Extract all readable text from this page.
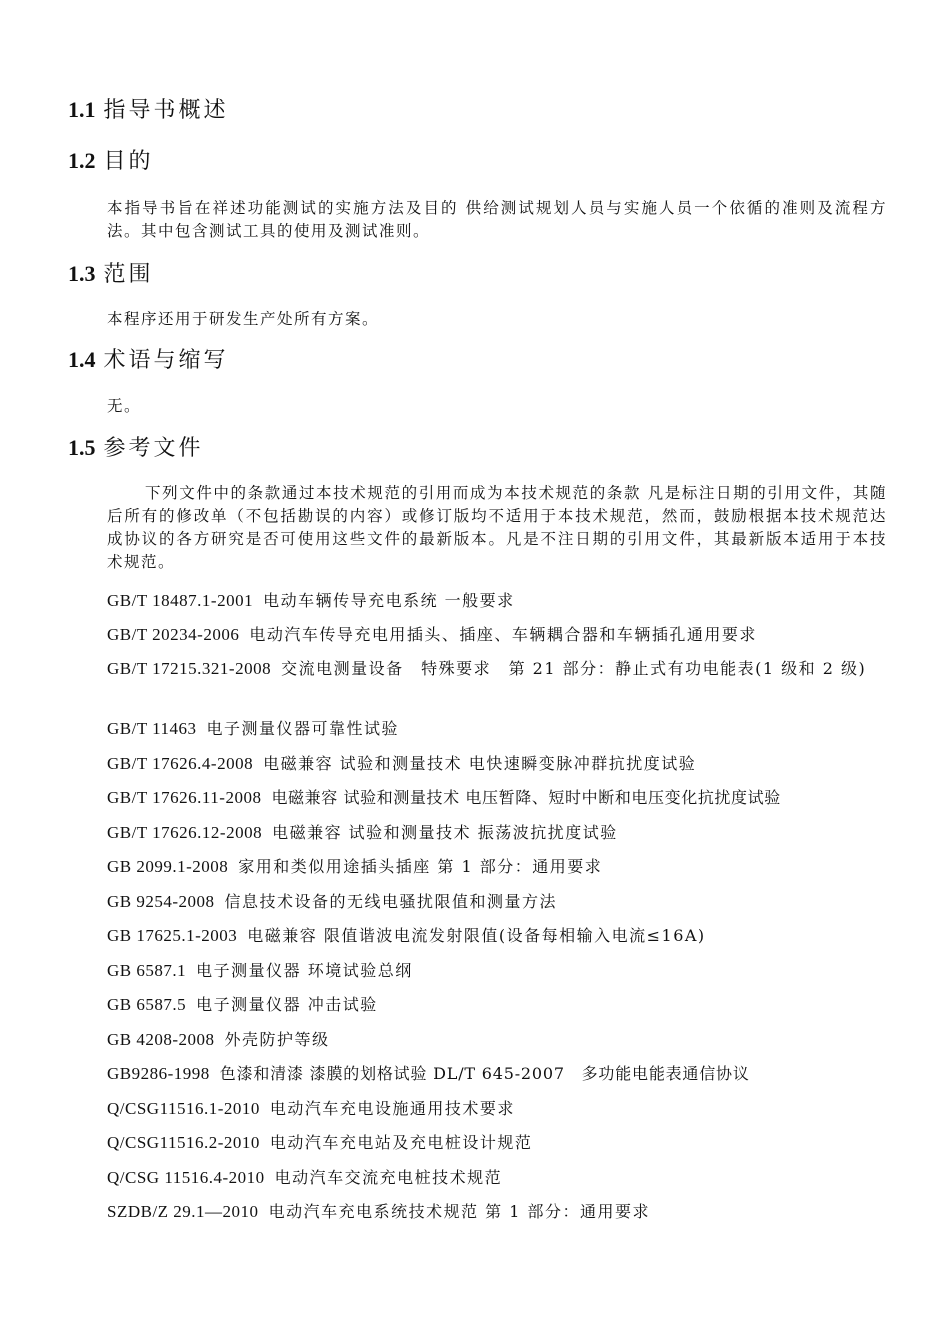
1.1 指导书概述
1.2 目的
本指导书旨在祥述功能测试的实施方法及目的 供给测试规划人员与实施人员一个依循的准则及流程方法。其中包含测试工具的使用及测试准则。
1.3 范围
本程序还用于研发生产处所有方案。
1.4 术语与缩写
无。
1.5 参考文件
下列文件中的条款通过本技术规范的引用而成为本技术规范的条款 凡是标注日期的引用文件，其随后所有的修改单（不包括勘误的内容）或修订版均不适用于本技术规范，然而，鼓励根据本技术规范达成协议的各方研究是否可使用这些文件的最新版本。凡是不注日期的引用文件，其最新版本适用于本技术规范。
GB/T 18487.1-2001 电动车辆传导充电系统 一般要求
GB/T 20234-2006 电动汽车传导充电用插头、插座、车辆耦合器和车辆插孔通用要求
GB/T 17215.321-2008 交流电测量设备　特殊要求　第 21 部分：静止式有功电能表(1 级和 2 级)
GB/T 11463 电子测量仪器可靠性试验
GB/T 17626.4-2008 电磁兼容 试验和测量技术 电快速瞬变脉冲群抗扰度试验
GB/T 17626.11-2008 电磁兼容 试验和测量技术 电压暂降、短时中断和电压变化抗扰度试验
GB/T 17626.12-2008 电磁兼容 试验和测量技术 振荡波抗扰度试验
GB 2099.1-2008 家用和类似用途插头插座 第 1 部分：通用要求
GB 9254-2008 信息技术设备的无线电骚扰限值和测量方法
GB 17625.1-2003 电磁兼容 限值谐波电流发射限值(设备每相输入电流≤16A)
GB 6587.1 电子测量仪器 环境试验总纲
GB 6587.5 电子测量仪器 冲击试验
GB 4208-2008 外壳防护等级
GB9286-1998 色漆和清漆 漆膜的划格试验 DL/T 645-2007　多功能电能表通信协议
Q/CSG11516.1-2010 电动汽车充电设施通用技术要求
Q/CSG11516.2-2010 电动汽车充电站及充电桩设计规范
Q/CSG 11516.4-2010 电动汽车交流充电桩技术规范
SZDB/Z 29.1—2010 电动汽车充电系统技术规范 第 1 部分：通用要求
